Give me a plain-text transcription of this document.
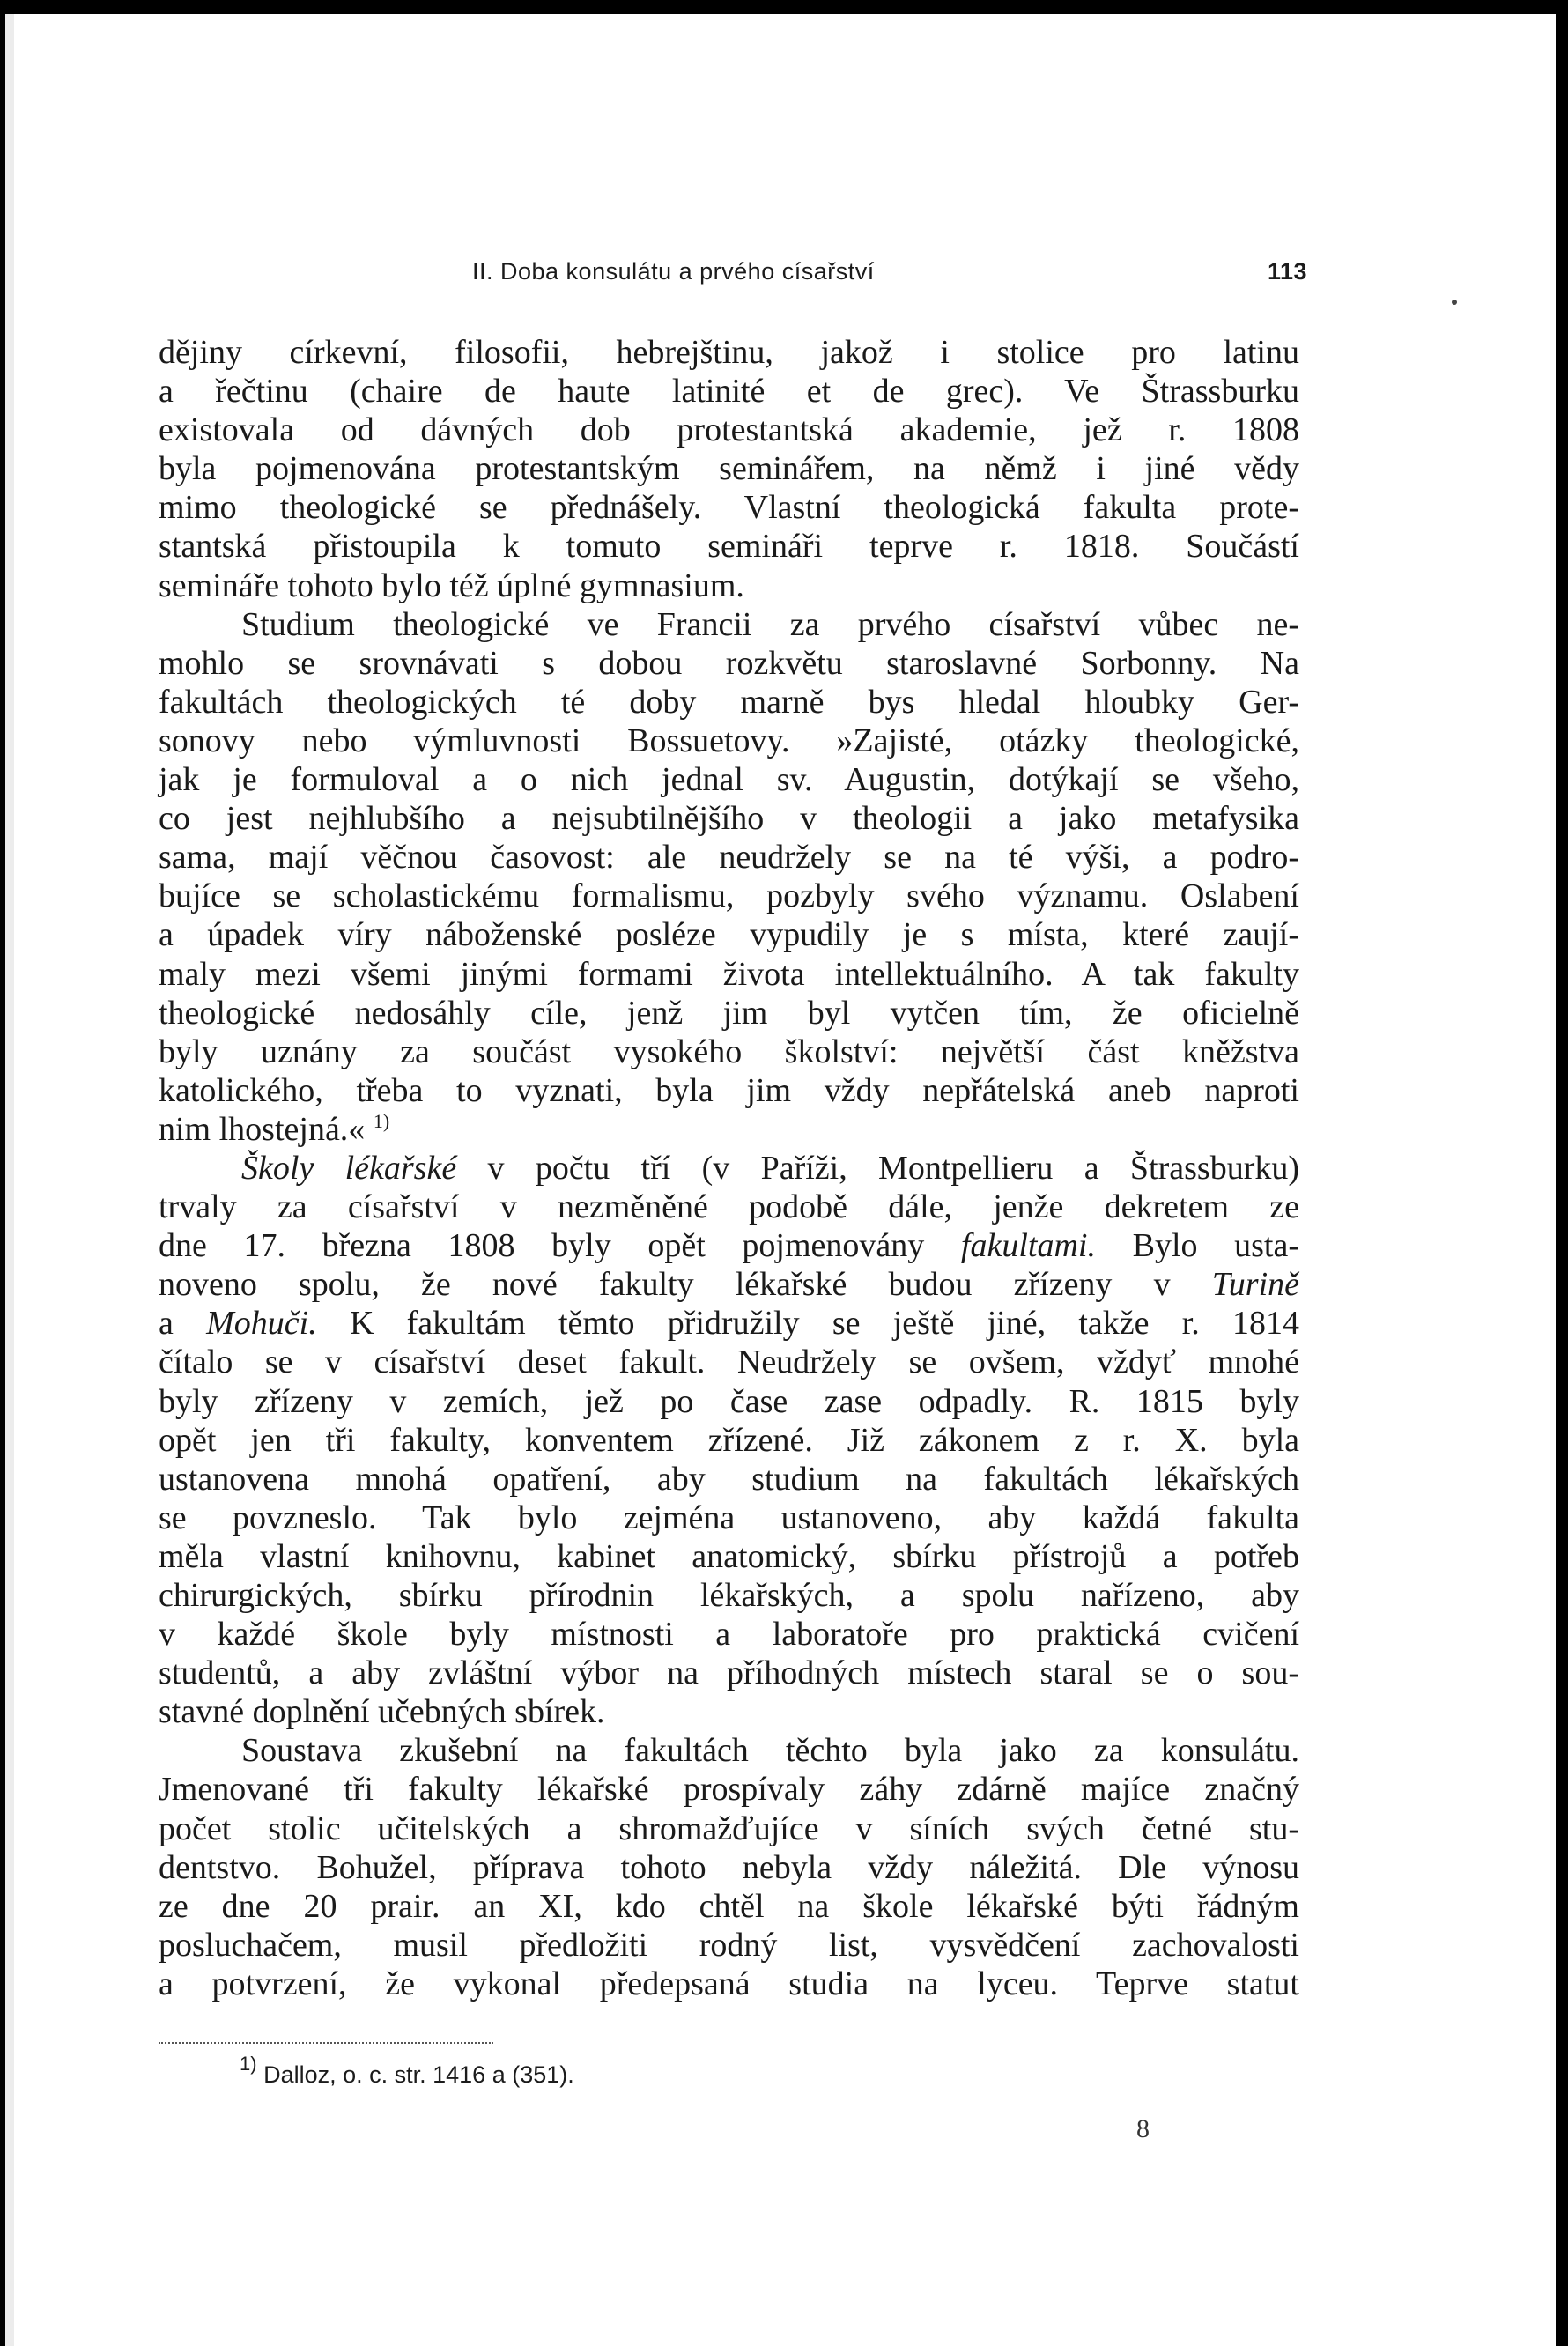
II. Doba konsulátu a prvého císařství	113
dějiny církevní, filosofii, hebrejštinu, jakož i stolice pro latinu
a řečtinu (chaire de haute latinité et de grec). Ve Štrassburku
existovala od dávných dob protestantská akademie, jež r. 1808
byla pojmenována protestantským seminářem, na němž i jiné vědy
mimo theologické se přednášely. Vlastní theologická fakulta prote-
stantská přistoupila k tomuto semináři teprve r. 1818. Součástí
semináře tohoto bylo též úplné gymnasium.
Studium theologické ve Francii za prvého císařství vůbec ne-
mohlo se srovnávati s dobou rozkvětu staroslavné Sorbonny. Na
fakultách theologických té doby marně bys hledal hloubky Ger-
sonovy nebo výmluvnosti Bossuetovy. »Zajisté, otázky theologické,
jak je formuloval a o nich jednal sv. Augustin, dotýkají se všeho,
co jest nejhlubšího a nejsubtilnějšího v theologii a jako metafysika
sama, mají věčnou časovost: ale neudržely se na té výši, a podro-
bujíce se scholastickému formalismu, pozbyly svého významu. Oslabení
a úpadek víry náboženské posléze vypudily je s místa, které zaují-
maly mezi všemi jinými formami života intellektuálního. A tak fakulty
theologické nedosáhly cíle, jenž jim byl vytčen tím, že oficielně
byly uznány za součást vysokého školství: největší část kněžstva
katolického, třeba to vyznati, byla jim vždy nepřátelská aneb naproti
nim lhostejná.« $^{1)}$
Školy lékařské v počtu tří (v Paříži, Montpellieru a Štrassburku)
trvaly za císařství v nezměněné podobě dále, jenže dekretem ze
dne 17. března 1808 byly opět pojmenovány fakultami. Bylo usta-
noveno spolu, že nové fakulty lékařské budou zřízeny v Turině
a Mohuči. K fakultám těmto přidružily se ještě jiné, takže r. 1814
čítalo se v císařství deset fakult. Neudržely se ovšem, vždyť mnohé
byly zřízeny v zemích, jež po čase zase odpadly. R. 1815 byly
opět jen tři fakulty, konventem zřízené. Již zákonem z r. X. byla
ustanovena mnohá opatření, aby studium na fakultách lékařských
se povzneslo. Tak bylo zejména ustanoveno, aby každá fakulta
měla vlastní knihovnu, kabinet anatomický, sbírku přístrojů a potřeb
chirurgických, sbírku přírodnin lékařských, a spolu nařízeno, aby
v každé škole byly místnosti a laboratoře pro praktická cvičení
studentů, a aby zvláštní výbor na příhodných místech staral se o sou-
stavné doplnění učebných sbírek.
Soustava zkušební na fakultách těchto byla jako za konsulátu.
Jmenované tři fakulty lékařské prospívaly záhy zdárně majíce značný
počet stolic učitelských a shromažďujíce v síních svých četné stu-
dentstvo. Bohužel, příprava tohoto nebyla vždy náležitá. Dle výnosu
ze dne 20 prair. an XI, kdo chtěl na škole lékařské býti řádným
posluchačem, musil předložiti rodný list, vysvědčení zachovalosti
a potvrzení, že vykonal předepsaná studia na lyceu. Teprve statut
$^{1)}$ Dalloz, o. c. str. 1416 a (351).
8
